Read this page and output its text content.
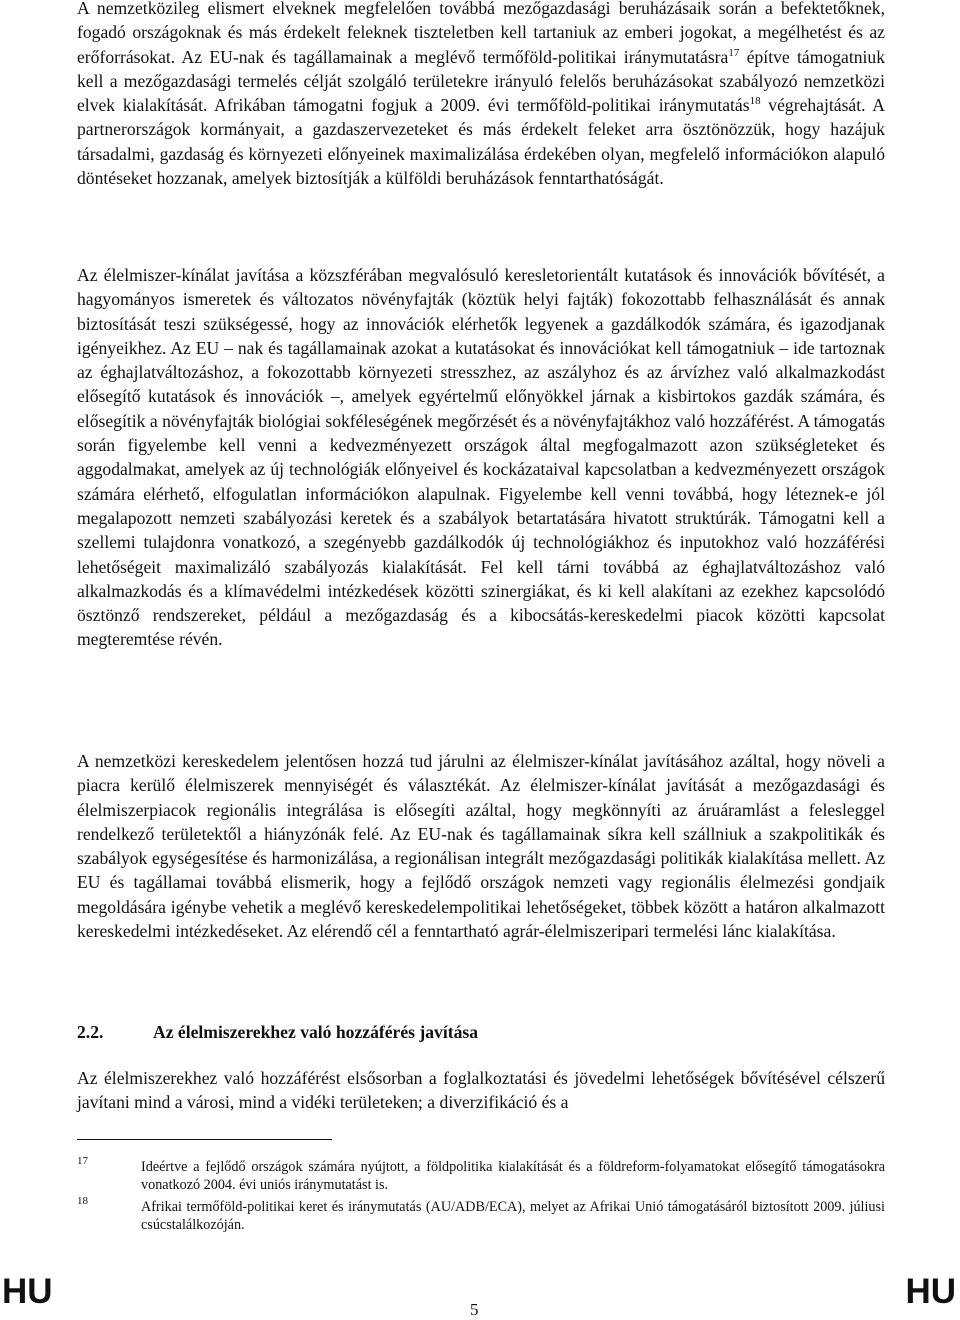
A nemzetközileg elismert elveknek megfelelően továbbá mezőgazdasági beruházásaik során a befektetőknek, fogadó országoknak és más érdekelt feleknek tiszteletben kell tartaniuk az emberi jogokat, a megélhetést és az erőforrásokat. Az EU-nak és tagállamainak a meglévő termőföld-politikai iránymutatásra$^{17}$ építve támogatniuk kell a mezőgazdasági termelés célját szolgáló területekre irányuló felelős beruházásokat szabályozó nemzetközi elvek kialakítását. Afrikában támogatni fogjuk a 2009. évi termőföld-politikai iránymutatás$^{18}$ végrehajtását. A partnerországok kormányait, a gazdaszervezeteket és más érdekelt feleket arra ösztönözzük, hogy hazájuk társadalmi, gazdaság és környezeti előnyeinek maximalizálása érdekében olyan, megfelelő információkon alapuló döntéseket hozzanak, amelyek biztosítják a külföldi beruházások fenntarthatóságát.

Az élelmiszer-kínálat javítása a közszférában megvalósuló keresletorientált kutatások és innovációk bővítését, a hagyományos ismeretek és változatos növényfajták (köztük helyi fajták) fokozottabb felhasználását és annak biztosítását teszi szükségessé, hogy az innovációk elérhetők legyenek a gazdálkodók számára, és igazodjanak igényeikhez. Az EU – nak és tagállamainak azokat a kutatásokat és innovációkat kell támogatniuk – ide tartoznak az éghajlatváltozáshoz, a fokozottabb környezeti stresszhez, az aszályhoz és az árvízhez való alkalmazkodást elősegítő kutatások és innovációk –, amelyek egyértelmű előnyökkel járnak a kisbirtokos gazdák számára, és elősegítik a növényfajták biológiai sokféleségének megőrzését és a növényfajtákhoz való hozzáférést. A támogatás során figyelembe kell venni a kedvezményezett országok által megfogalmazott azon szükségleteket és aggodalmakat, amelyek az új technológiák előnyeivel és kockázataival kapcsolatban a kedvezményezett országok számára elérhető, elfogulatlan információkon alapulnak. Figyelembe kell venni továbbá, hogy léteznek-e jól megalapozott nemzeti szabályozási keretek és a szabályok betartatására hivatott struktúrák. Támogatni kell a szellemi tulajdonra vonatkozó, a szegényebb gazdálkodók új technológiákhoz és inputokhoz való hozzáférési lehetőségeit maximalizáló szabályozás kialakítását. Fel kell tárni továbbá az éghajlatváltozáshoz való alkalmazkodás és a klímavédelmi intézkedések közötti szinergiákat, és ki kell alakítani az ezekhez kapcsolódó ösztönző rendszereket, például a mezőgazdaság és a kibocsátás-kereskedelmi piacok közötti kapcsolat megteremtése révén.

A nemzetközi kereskedelem jelentősen hozzá tud járulni az élelmiszer-kínálat javításához azáltal, hogy növeli a piacra kerülő élelmiszerek mennyiségét és választékát. Az élelmiszer-kínálat javítását a mezőgazdasági és élelmiszerpiacok regionális integrálása is elősegíti azáltal, hogy megkönnyíti az áruáramlást a felesleggel rendelkező területektől a hiányzónák felé. Az EU-nak és tagállamainak síkra kell szállniuk a szakpolitikák és szabályok egységesítése és harmonizálása, a regionálisan integrált mezőgazdasági politikák kialakítása mellett. Az EU és tagállamai továbbá elismerik, hogy a fejlődő országok nemzeti vagy regionális élelmezési gondjaik megoldására igénybe vehetik a meglévő kereskedelempolitikai lehetőségeket, többek között a határon alkalmazott kereskedelmi intézkedéseket. Az elérendő cél a fenntartható agrár-élelmiszeripari termelési lánc kialakítása.

2.2.	Az élelmiszerekhez való hozzáférés javítása

Az élelmiszerekhez való hozzáférést elsősorban a foglalkoztatási és jövedelmi lehetőségek bővítésével célszerű javítani mind a városi, mind a vidéki területeken; a diverzifikáció és a

17	Ideértve a fejlődő országok számára nyújtott, a földpolitika kialakítását és a földreform-folyamatokat elősegítő támogatásokra vonatkozó 2004. évi uniós iránymutatást is.

18	Afrikai termőföld-politikai keret és iránymutatás (AU/ADB/ECA), melyet az Afrikai Unió támogatásáról biztosított 2009. júliusi csúcstalálkozóján.

HU	5	HU
